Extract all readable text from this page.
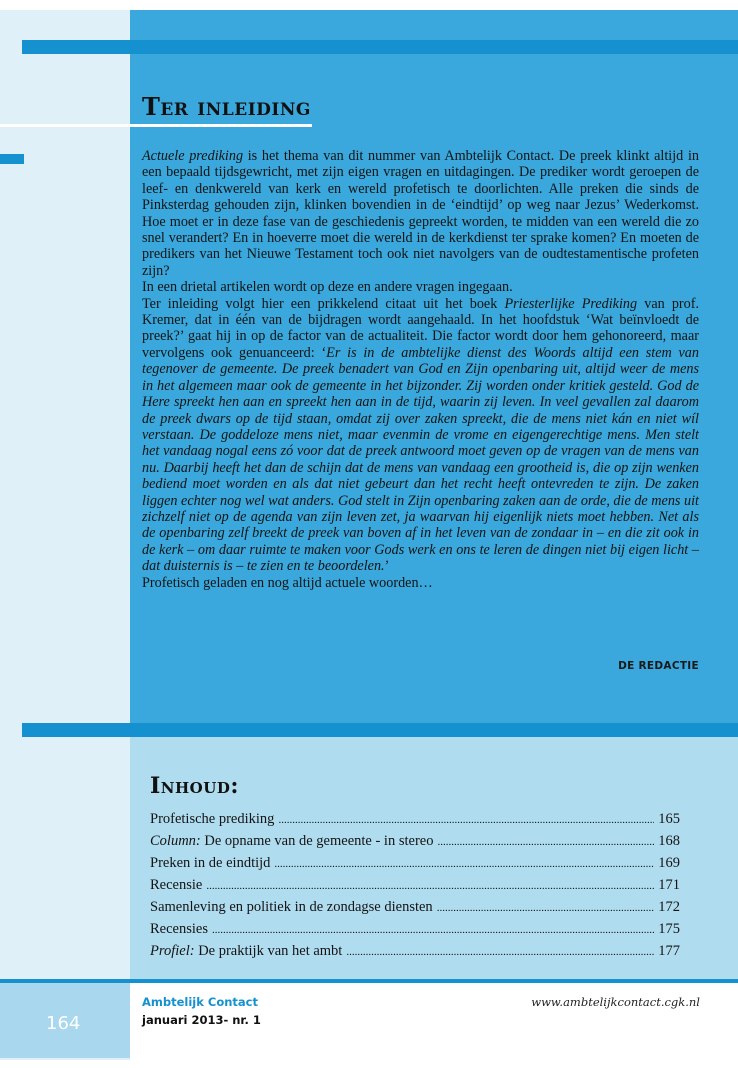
Ter inleiding

Actuele prediking is het thema van dit nummer van Ambtelijk Contact. De preek klinkt altijd in een bepaald tijdsgewricht, met zijn eigen vragen en uitdagingen. De prediker wordt geroepen de leef- en denkwereld van kerk en wereld profetisch te doorlichten. Alle preken die sinds de Pinksterdag gehouden zijn, klinken bovendien in de ‘eindtijd’ op weg naar Jezus’ Wederkomst. Hoe moet er in deze fase van de geschiedenis gepreekt worden, te midden van een wereld die zo snel verandert? En in hoeverre moet die wereld in de kerkdienst ter sprake komen? En moeten de predikers van het Nieuwe Testament toch ook niet navolgers van de oudtestamentische profeten zijn?

In een drietal artikelen wordt op deze en andere vragen ingegaan.

Ter inleiding volgt hier een prikkelend citaat uit het boek Priesterlijke Prediking van prof. Kremer, dat in één van de bijdragen wordt aangehaald. In het hoofdstuk ‘Wat beïnvloedt de preek?’ gaat hij in op de factor van de actualiteit. Die factor wordt door hem gehonoreerd, maar vervolgens ook genuanceerd: ‘Er is in de ambtelijke dienst des Woords altijd een stem van tegenover de gemeente. De preek benadert van God en Zijn openbaring uit, altijd weer de mens in het algemeen maar ook de gemeente in het bijzonder. Zij worden onder kritiek gesteld. God de Here spreekt hen aan en spreekt hen aan in de tijd, waarin zij leven. In veel gevallen zal daarom de preek dwars op de tijd staan, omdat zij over zaken spreekt, die de mens niet kán en niet wíl verstaan. De goddeloze mens niet, maar evenmin de vrome en eigengerechtige mens. Men stelt het vandaag nogal eens zó voor dat de preek antwoord moet geven op de vragen van de mens van nu. Daarbij heeft het dan de schijn dat de mens van vandaag een grootheid is, die op zijn wenken bediend moet worden en als dat niet gebeurt dan het recht heeft ontevreden te zijn. De zaken liggen echter nog wel wat anders. God stelt in Zijn openbaring zaken aan de orde, die de mens uit zichzelf niet op de agenda van zijn leven zet, ja waarvan hij eigenlijk niets moet hebben. Net als de openbaring zelf breekt de preek van boven af in het leven van de zondaar in – en die zit ook in de kerk – om daar ruimte te maken voor Gods werk en ons te leren de dingen niet bij eigen licht – dat duisternis is – te zien en te beoordelen.’

Profetisch geladen en nog altijd actuele woorden…

DE REDACTIE
Inhoud:
Profetische prediking .....	165
Column: De opname van de gemeente - in stereo .....	168
Preken in de eindtijd .....	169
Recensie .....	171
Samenleving en politiek in de zondagse diensten .....	172
Recensies .....	175
Profiel: De praktijk van het ambt .....	177
164
Ambtelijk Contact
januari 2013- nr. 1
www.ambtelijkcontact.cgk.nl
